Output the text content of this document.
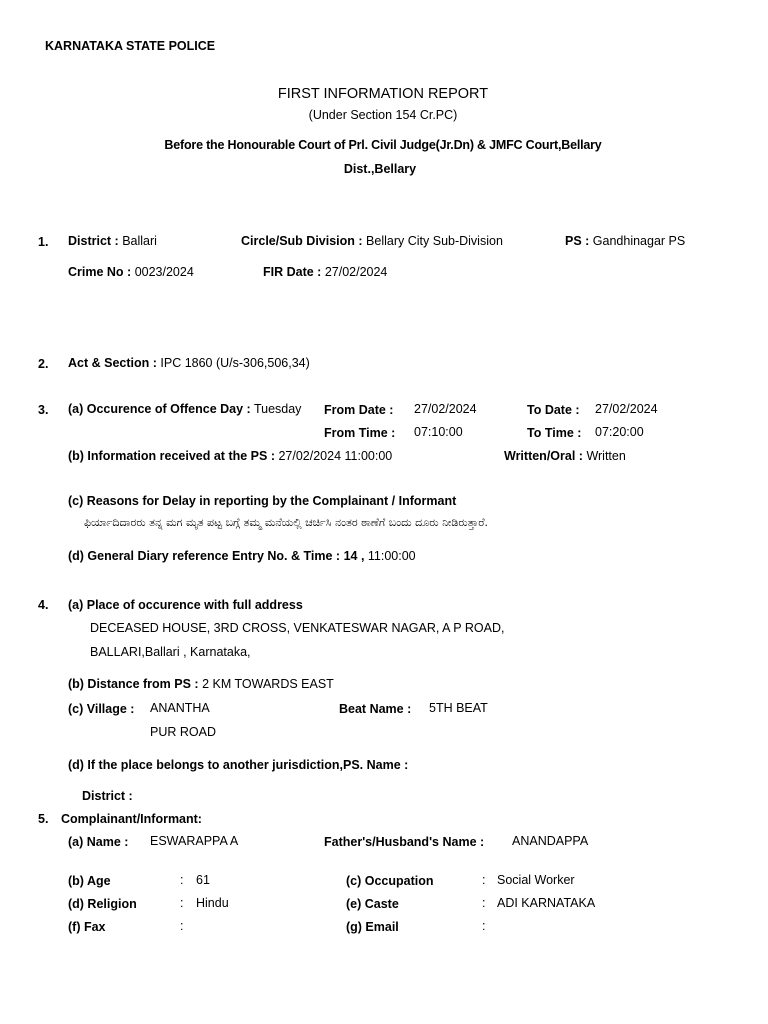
KARNATAKA STATE POLICE
FIRST INFORMATION REPORT
(Under Section 154 Cr.PC)
Before the Honourable Court of Prl. Civil Judge(Jr.Dn) & JMFC Court,Bellary
Dist.,Bellary
1. District : Ballari	Circle/Sub Division : Bellary City Sub-Division	PS : Gandhinagar PS
Crime No : 0023/2024	FIR Date : 27/02/2024
2. Act & Section : IPC 1860 (U/s-306,506,34)
3. (a) Occurence of Offence Day : Tuesday From Date : 27/02/2024	To Date : 27/02/2024
From Time : 07:10:00	To Time : 07:20:00
(b) Information received at the PS : 27/02/2024 11:00:00	Written/Oral : Written
(c) Reasons for Delay in reporting by the Complainant / Informant
ಫಿರ್ಯಾದಿದಾರರು ತನ್ನ ಮಗ ಮೃತ ಪಟ್ಟ ಬಗ್ಗೆ ತಮ್ಮ ಮನೆಯಲ್ಲಿ ಚರ್ಚಿಸಿ ನಂತರ ಠಾಣೆಗೆ ಬಂದು ದೂರು ನೀಡಿರುತ್ತಾರೆ.
(d) General Diary reference Entry No. & Time : 14 , 11:00:00
4. (a) Place of occurence with full address
DECEASED HOUSE, 3RD CROSS, VENKATESWAR NAGAR, A P ROAD,
BALLARI,Ballari , Karnataka,
(b) Distance from PS : 2 KM TOWARDS EAST
(c) Village : ANANTHA
PUR ROAD
Beat Name : 5TH BEAT
(d) If the place belongs to another jurisdiction,PS. Name :
District :
5. Complainant/Informant:
(a) Name : ESWARAPPA A	Father's/Husband's Name : ANANDAPPA
(b) Age	: 61	(c) Occupation	: Social Worker
(d) Religion	: Hindu	(e) Caste	: ADI KARNATAKA
(f) Fax	:	(g) Email	:
